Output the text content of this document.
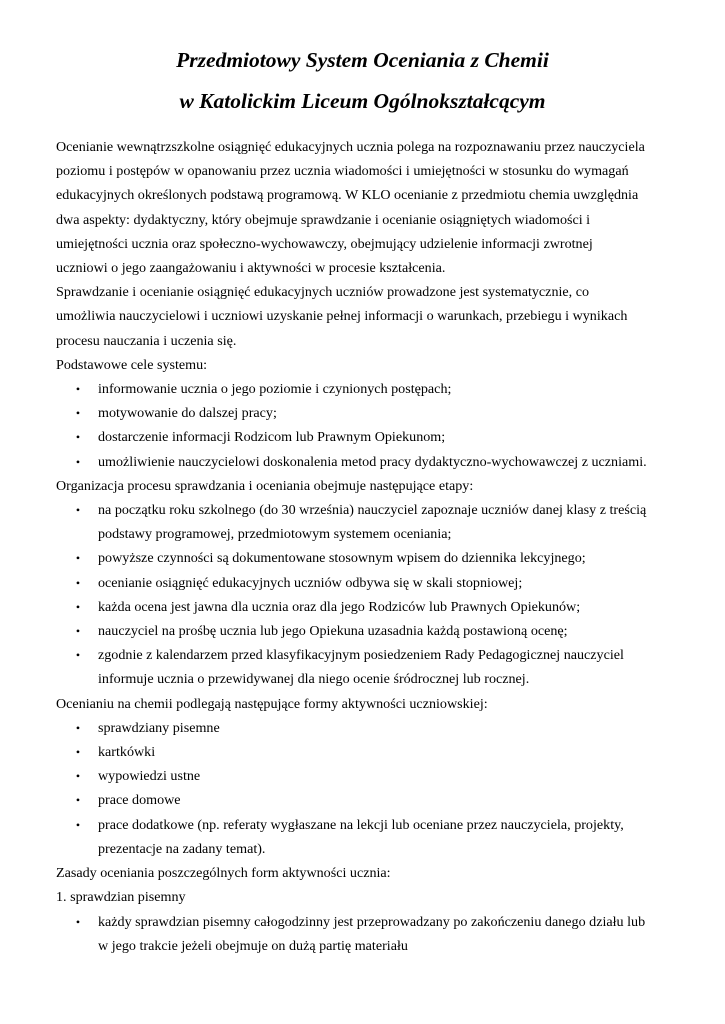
Przedmiotowy System Oceniania z Chemii
w Katolickim Liceum Ogólnokształcącym

Ocenianie wewnątrzszkolne osiągnięć edukacyjnych ucznia polega na rozpoznawaniu przez nauczyciela
poziomu i postępów w opanowaniu przez ucznia wiadomości i umiejętności w stosunku do wymagań
edukacyjnych określonych podstawą programową. W KLO ocenianie z przedmiotu chemia uwzględnia
dwa aspekty: dydaktyczny, który obejmuje sprawdzanie i ocenianie osiągniętych wiadomości i
umiejętności ucznia oraz społeczno-wychowawczy, obejmujący udzielenie informacji zwrotnej
uczniowi o jego zaangażowaniu i aktywności w procesie kształcenia.

Sprawdzanie i ocenianie osiągnięć edukacyjnych uczniów prowadzone jest systematycznie, co
umożliwia nauczycielowi i uczniowi uzyskanie pełnej informacji o warunkach, przebiegu i wynikach
procesu nauczania i uczenia się.

Podstawowe cele systemu:

• informowanie ucznia o jego poziomie i czynionych postępach;
• motywowanie do dalszej pracy;
• dostarczenie informacji Rodzicom lub Prawnym Opiekunom;
• umożliwienie nauczycielowi doskonalenia metod pracy dydaktyczno-wychowawczej z uczniami.

Organizacja procesu sprawdzania i oceniania obejmuje następujące etapy:

• na początku roku szkolnego (do 30 września) nauczyciel zapoznaje uczniów danej klasy z treścią
podstawy programowej, przedmiotowym systemem oceniania;
• powyższe czynności są dokumentowane stosownym wpisem do dziennika lekcyjnego;
• ocenianie osiągnięć edukacyjnych uczniów odbywa się w skali stopniowej;
• każda ocena jest jawna dla ucznia oraz dla jego Rodziców lub Prawnych Opiekunów;
• nauczyciel na prośbę ucznia lub jego Opiekuna uzasadnia każdą postawioną ocenę;
• zgodnie z kalendarzem przed klasyfikacyjnym posiedzeniem Rady Pedagogicznej nauczyciel
informuje ucznia o przewidywanej dla niego ocenie śródrocznej lub rocznej.

Ocenianiu na chemii podlegają następujące formy aktywności uczniowskiej:

• sprawdziany pisemne
• kartkówki
• wypowiedzi ustne
• prace domowe
• prace dodatkowe (np. referaty wygłaszane na lekcji lub oceniane przez nauczyciela, projekty,
prezentacje na zadany temat).

Zasady oceniania poszczególnych form aktywności ucznia:

1. sprawdzian pisemny

• każdy sprawdzian pisemny całogodzinny jest przeprowadzany po zakończeniu danego działu lub
w jego trakcie jeżeli obejmuje on dużą partię materiału
